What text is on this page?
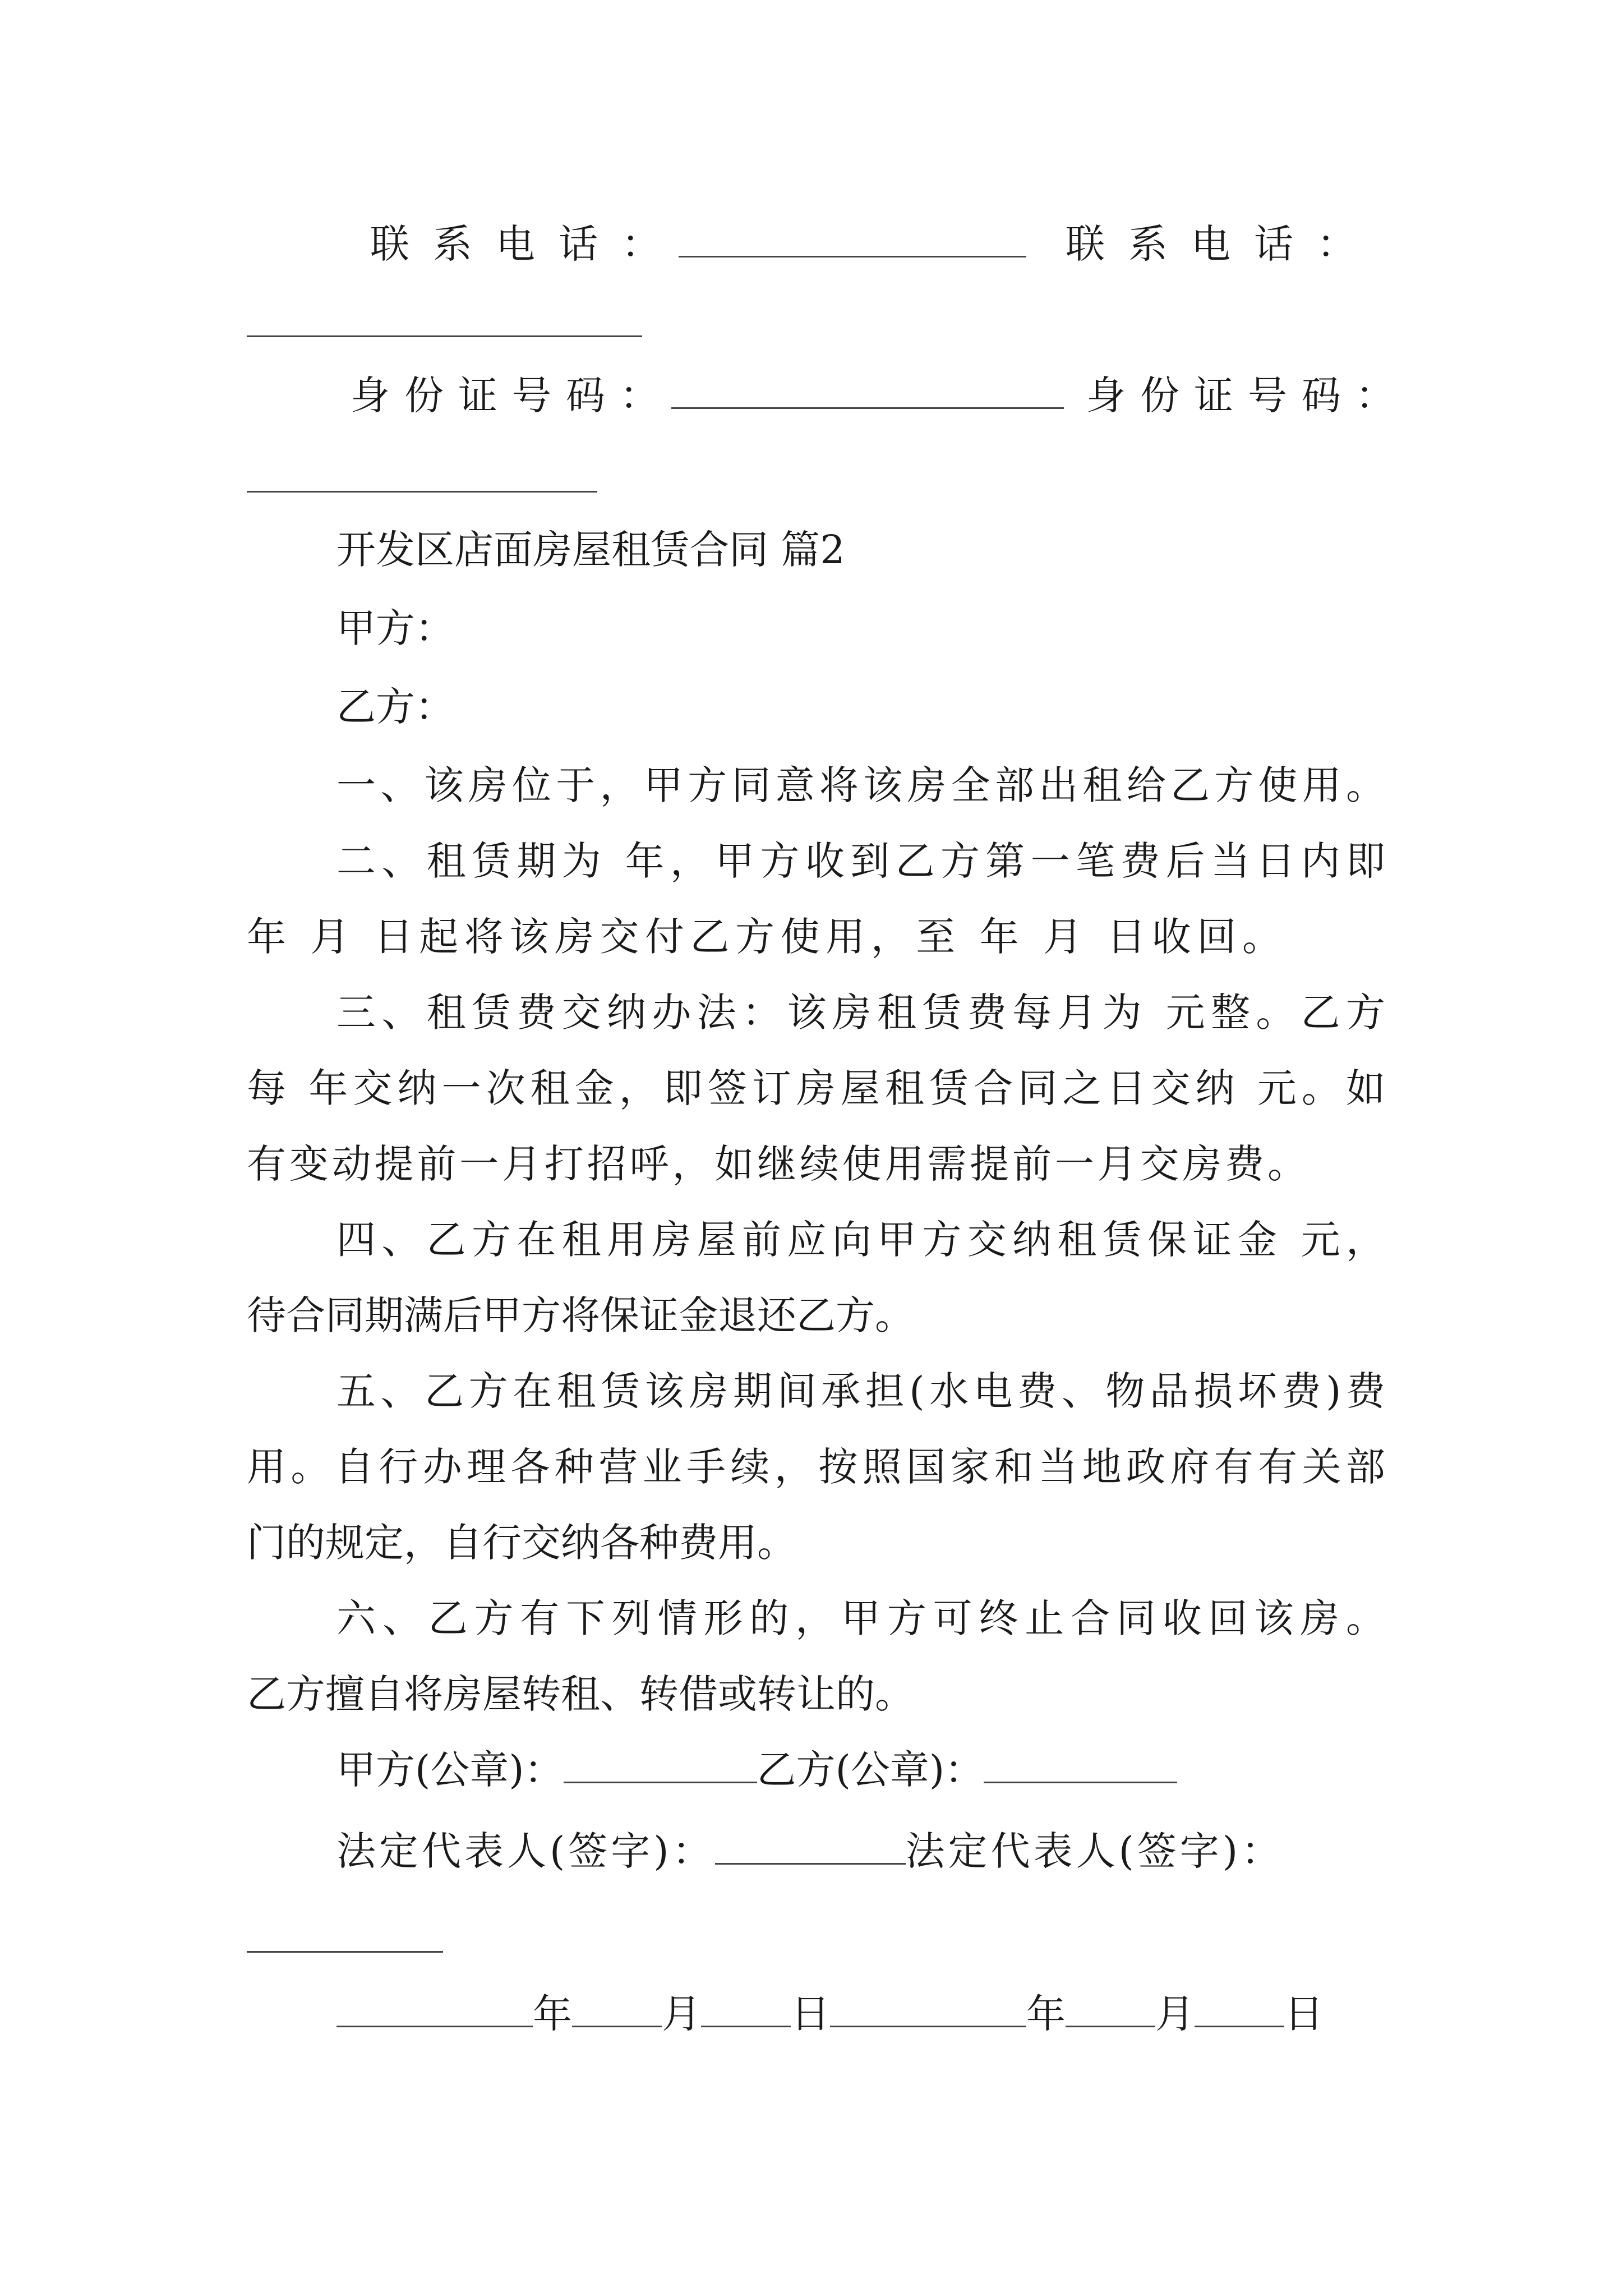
联系电话：	联系电话：
身份证号码：	身份证号码：
开发区店面房屋租赁合同 篇2
甲方：
乙方：
一、该房位于，甲方同意将该房全部出租给乙方使用。
二、租赁期为 年，甲方收到乙方第一笔费后当日内即
年 月 日起将该房交付乙方使用，至 年 月 日收回。
三、租赁费交纳办法：该房租赁费每月为 元整。乙方
每 年交纳一次租金，即签订房屋租赁合同之日交纳 元。如
有变动提前一月打招呼，如继续使用需提前一月交房费。
四、乙方在租用房屋前应向甲方交纳租赁保证金 元，
待合同期满后甲方将保证金退还乙方。
五、乙方在租赁该房期间承担(水电费、物品损坏费)费
用。自行办理各种营业手续，按照国家和当地政府有有关部
门的规定，自行交纳各种费用。
六、乙方有下列情形的，甲方可终止合同收回该房。
乙方擅自将房屋转租、转借或转让的。
甲方(公章)：	乙方(公章)：
法定代表人(签字)：	法定代表人(签字)：
年 月 日	年 月 日
